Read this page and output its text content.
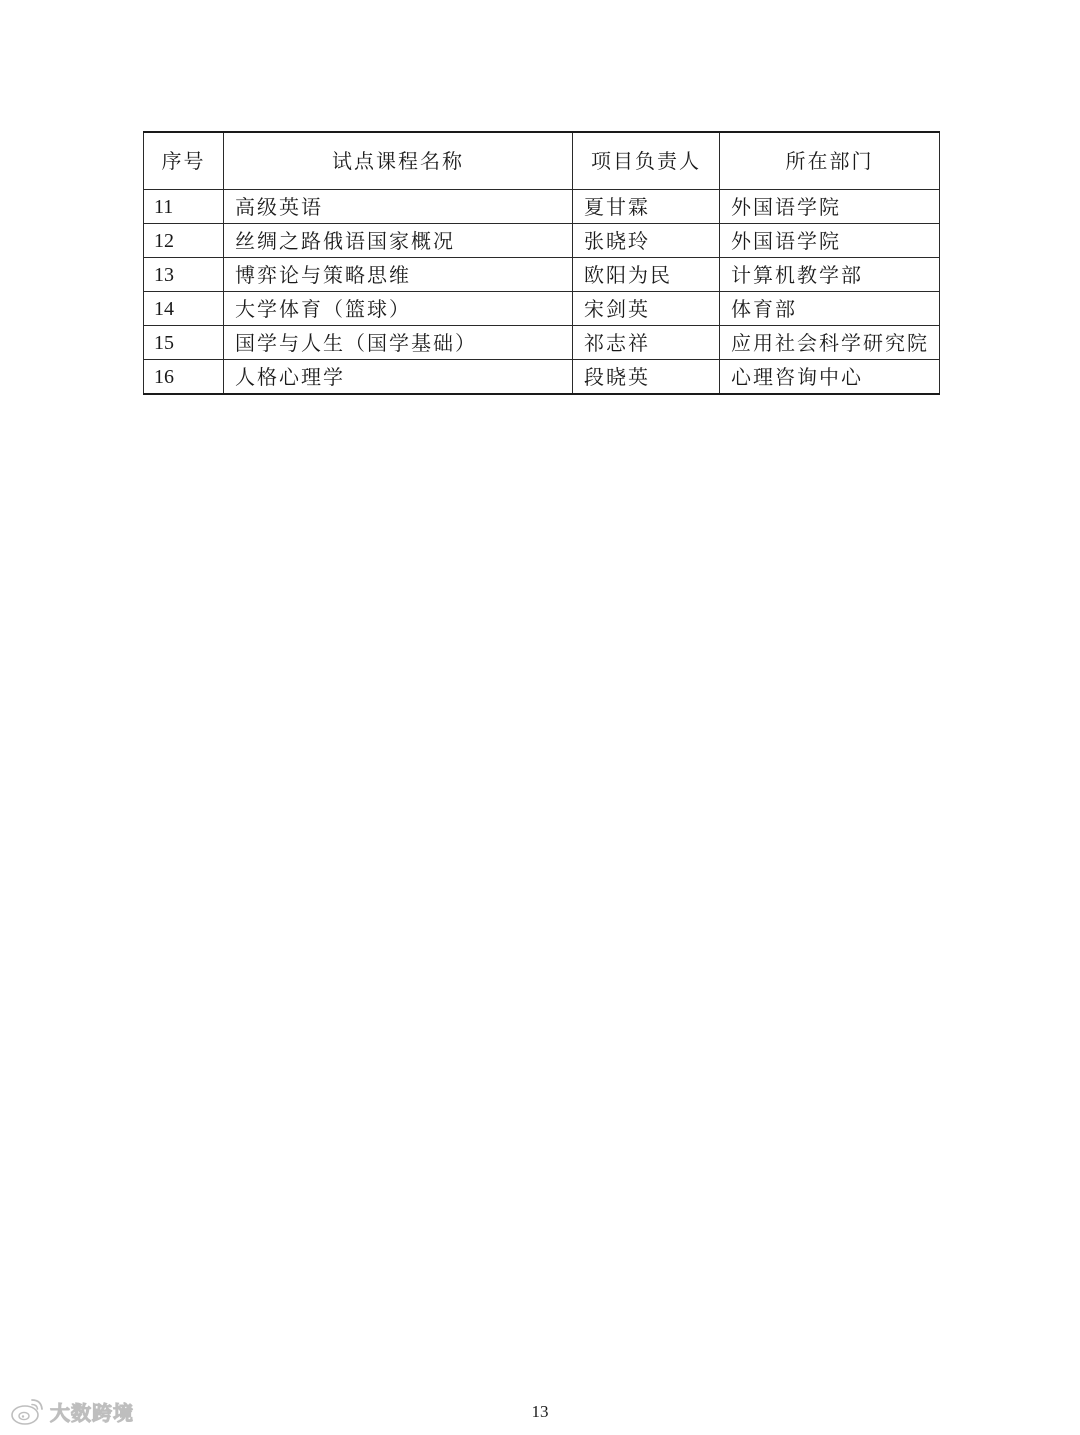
序号	试点课程名称	项目负责人	所在部门
11	高级英语	夏甘霖	外国语学院
12	丝绸之路俄语国家概况	张晓玲	外国语学院
13	博弈论与策略思维	欧阳为民	计算机教学部
14	大学体育（篮球）	宋剑英	体育部
15	国学与人生（国学基础）	祁志祥	应用社会科学研究院
16	人格心理学	段晓英	心理咨询中心
大数跨境	13
